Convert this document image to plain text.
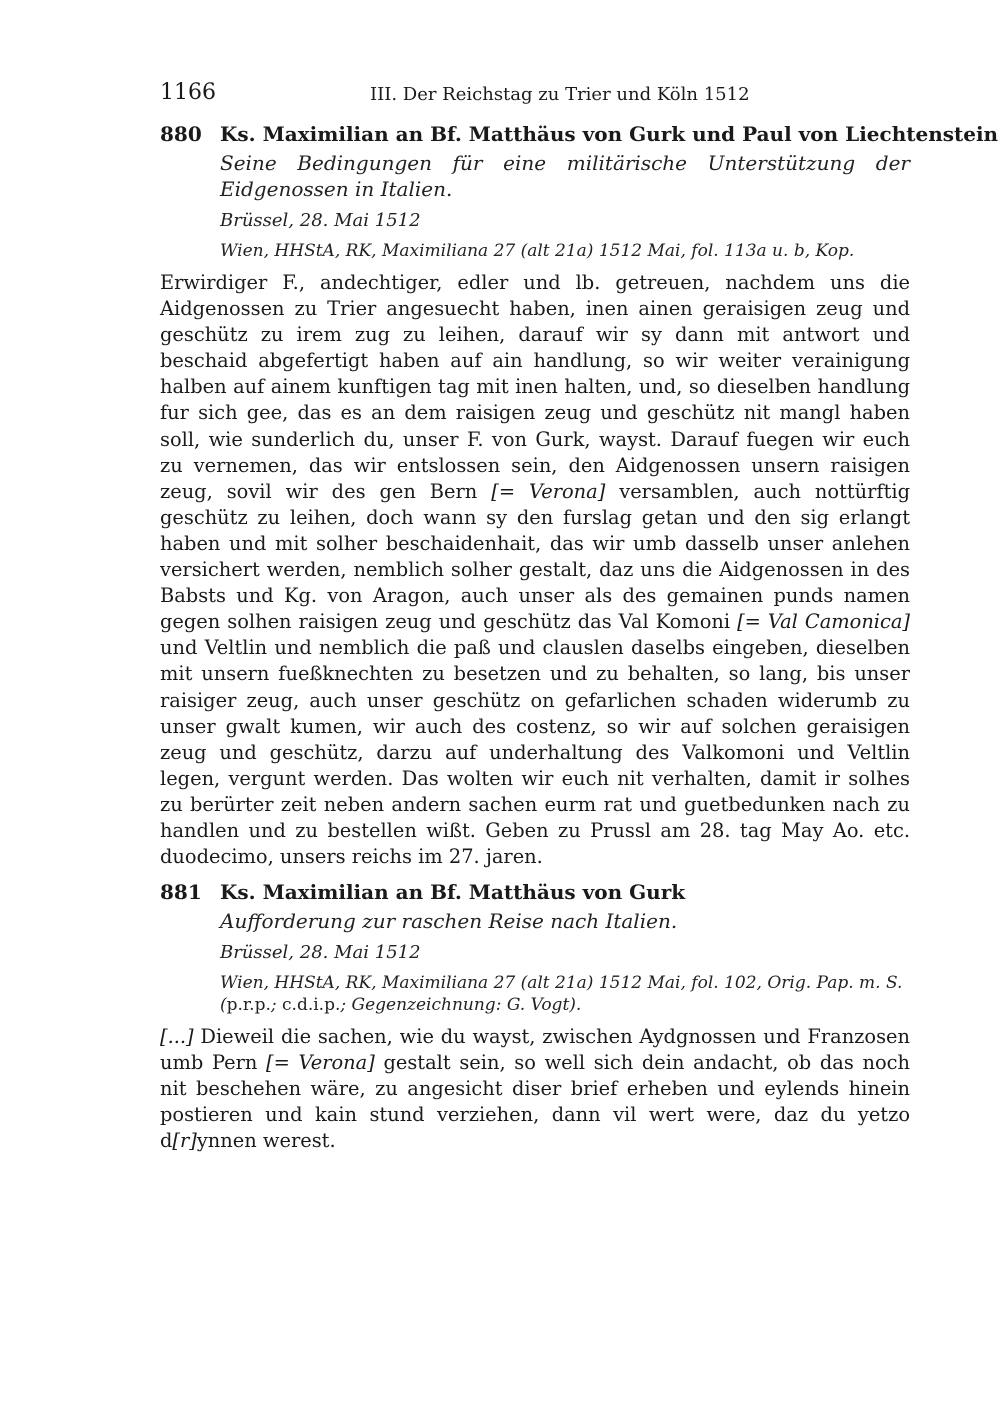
1166	III. Der Reichstag zu Trier und Köln 1512
880 Ks. Maximilian an Bf. Matthäus von Gurk und Paul von Liechtenstein
Seine Bedingungen für eine militärische Unterstützung der Eidgenossen in Italien.
Brüssel, 28. Mai 1512
Wien, HHStA, RK, Maximiliana 27 (alt 21a) 1512 Mai, fol. 113a u. b, Kop.

Erwirdiger F., andechtiger, edler und lb. getreuen, nachdem uns die Aidgenossen zu Trier angesuecht haben, inen ainen geraisigen zeug und geschütz zu irem zug zu leihen, darauf wir sy dann mit antwort und beschaid abgefertigt haben auf ain handlung, so wir weiter verainigung halben auf ainem kunftigen tag mit inen halten, und, so dieselben handlung fur sich gee, das es an dem raisigen zeug und geschütz nit mangl haben soll, wie sunderlich du, unser F. von Gurk, wayst. Darauf fuegen wir euch zu vernemen, das wir entslossen sein, den Aidgenossen unsern raisigen zeug, sovil wir des gen Bern [= Verona] versamblen, auch nottürftig geschütz zu leihen, doch wann sy den furslag getan und den sig erlangt haben und mit solher beschaidenhait, das wir umb dasselb unser anlehen versichert werden, nemblich solher gestalt, daz uns die Aidgenossen in des Babsts und Kg. von Aragon, auch unser als des gemainen punds namen gegen solhen raisigen zeug und geschütz das Val Komoni [= Val Camonica] und Veltlin und nemblich die paß und clauslen daselbs eingeben, dieselben mit unsern fueßknechten zu besetzen und zu behalten, so lang, bis unser raisiger zeug, auch unser geschütz on gefarlichen schaden widerumb zu unser gwalt kumen, wir auch des costenz, so wir auf solchen geraisigen zeug und geschütz, darzu auf underhaltung des Valkomoni und Veltlin legen, vergunt werden. Das wolten wir euch nit verhalten, damit ir solhes zu berürter zeit neben andern sachen eurm rat und guetbedunken nach zu handlen und zu bestellen wißt. Geben zu Prussl am 28. tag May Ao. etc. duodecimo, unsers reichs im 27. jaren.

881 Ks. Maximilian an Bf. Matthäus von Gurk
Aufforderung zur raschen Reise nach Italien.
Brüssel, 28. Mai 1512
Wien, HHStA, RK, Maximiliana 27 (alt 21a) 1512 Mai, fol. 102, Orig. Pap. m. S. (p.r.p.; c.d.i.p.; Gegenzeichnung: G. Vogt).

[...] Dieweil die sachen, wie du wayst, zwischen Aydgnossen und Franzosen umb Pern [= Verona] gestalt sein, so well sich dein andacht, ob das noch nit beschehen wäre, zu angesicht diser brief erheben und eylends hinein postieren und kain stund verziehen, dann vil wert were, daz du yetzo d[r]ynnen werest.
